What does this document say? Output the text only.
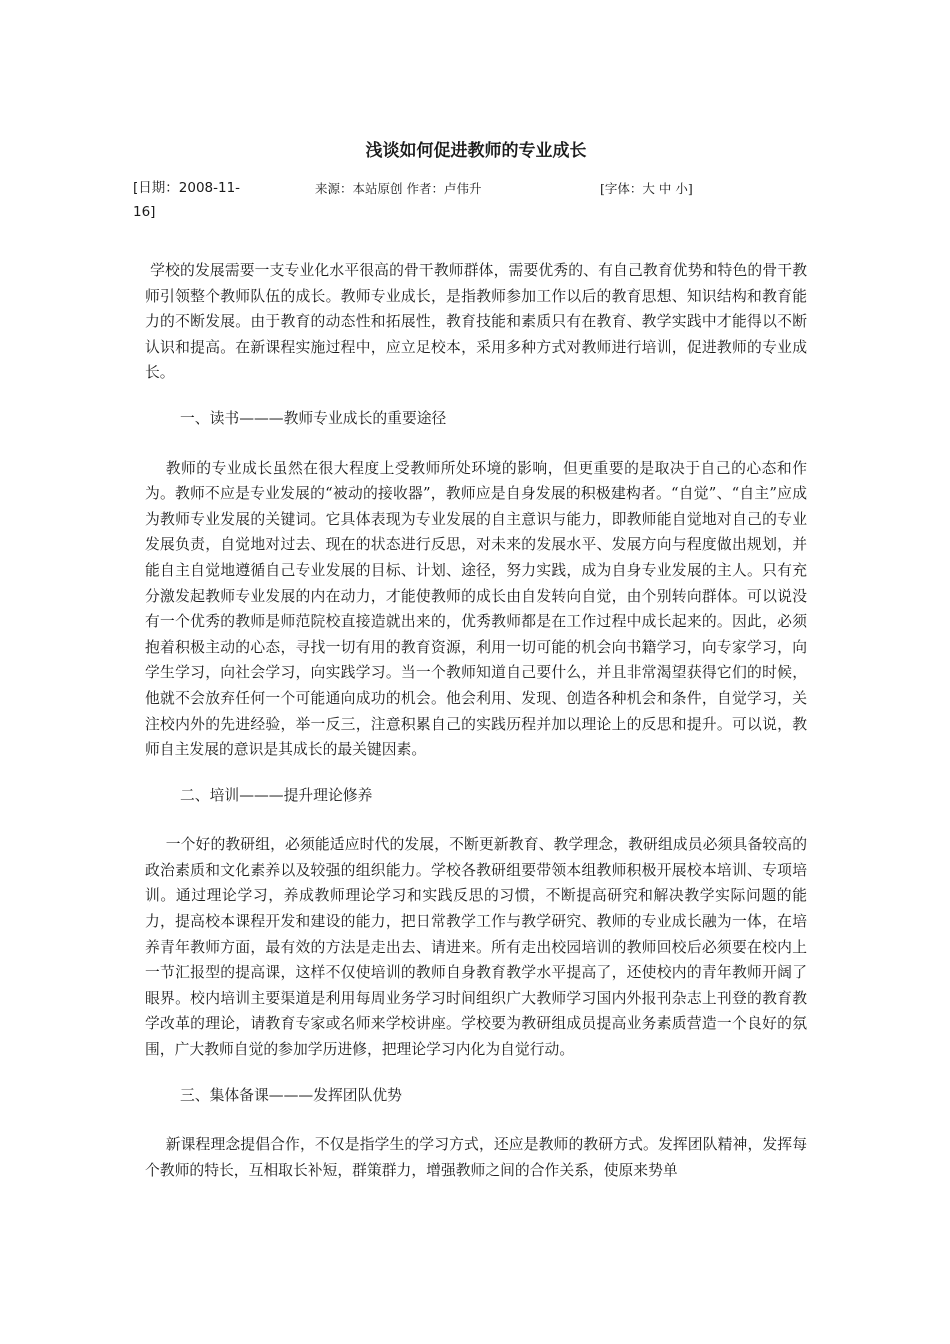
浅谈如何促进教师的专业成长
[日期：2008-11-16]
来源：本站原创 作者：卢伟升	[字体：大 中 小]

学校的发展需要一支专业化水平很高的骨干教师群体，需要优秀的、有自己教育优势和特色的骨干教师引领整个教师队伍的成长。教师专业成长，是指教师参加工作以后的教育思想、知识结构和教育能力的不断发展。由于教育的动态性和拓展性，教育技能和素质只有在教育、教学实践中才能得以不断认识和提高。在新课程实施过程中，应立足校本，采用多种方式对教师进行培训，促进教师的专业成长。

一、读书———教师专业成长的重要途径

教师的专业成长虽然在很大程度上受教师所处环境的影响，但更重要的是取决于自己的心态和作为。教师不应是专业发展的“被动的接收器”，教师应是自身发展的积极建构者。“自觉”、“自主”应成为教师专业发展的关键词。它具体表现为专业发展的自主意识与能力，即教师能自觉地对自己的专业发展负责，自觉地对过去、现在的状态进行反思，对未来的发展水平、发展方向与程度做出规划，并能自主自觉地遵循自己专业发展的目标、计划、途径，努力实践，成为自身专业发展的主人。只有充分激发起教师专业发展的内在动力，才能使教师的成长由自发转向自觉，由个别转向群体。可以说没有一个优秀的教师是师范院校直接造就出来的，优秀教师都是在工作过程中成长起来的。因此，必须抱着积极主动的心态，寻找一切有用的教育资源，利用一切可能的机会向书籍学习，向专家学习，向学生学习，向社会学习，向实践学习。当一个教师知道自己要什么，并且非常渴望获得它们的时候，他就不会放弃任何一个可能通向成功的机会。他会利用、发现、创造各种机会和条件，自觉学习，关注校内外的先进经验，举一反三，注意积累自己的实践历程并加以理论上的反思和提升。可以说，教师自主发展的意识是其成长的最关键因素。

二、培训———提升理论修养

一个好的教研组，必须能适应时代的发展，不断更新教育、教学理念，教研组成员必须具备较高的政治素质和文化素养以及较强的组织能力。学校各教研组要带领本组教师积极开展校本培训、专项培训。通过理论学习，养成教师理论学习和实践反思的习惯，不断提高研究和解决教学实际问题的能力，提高校本课程开发和建设的能力，把日常教学工作与教学研究、教师的专业成长融为一体，在培养青年教师方面，最有效的方法是走出去、请进来。所有走出校园培训的教师回校后必须要在校内上一节汇报型的提高课，这样不仅使培训的教师自身教育教学水平提高了，还使校内的青年教师开阔了眼界。校内培训主要渠道是利用每周业务学习时间组织广大教师学习国内外报刊杂志上刊登的教育教学改革的理论，请教育专家或名师来学校讲座。学校要为教研组成员提高业务素质营造一个良好的氛围，广大教师自觉的参加学历进修，把理论学习内化为自觉行动。

三、集体备课———发挥团队优势

新课程理念提倡合作，不仅是指学生的学习方式，还应是教师的教研方式。发挥团队精神，发挥每个教师的特长，互相取长补短，群策群力，增强教师之间的合作关系，使原来势单
